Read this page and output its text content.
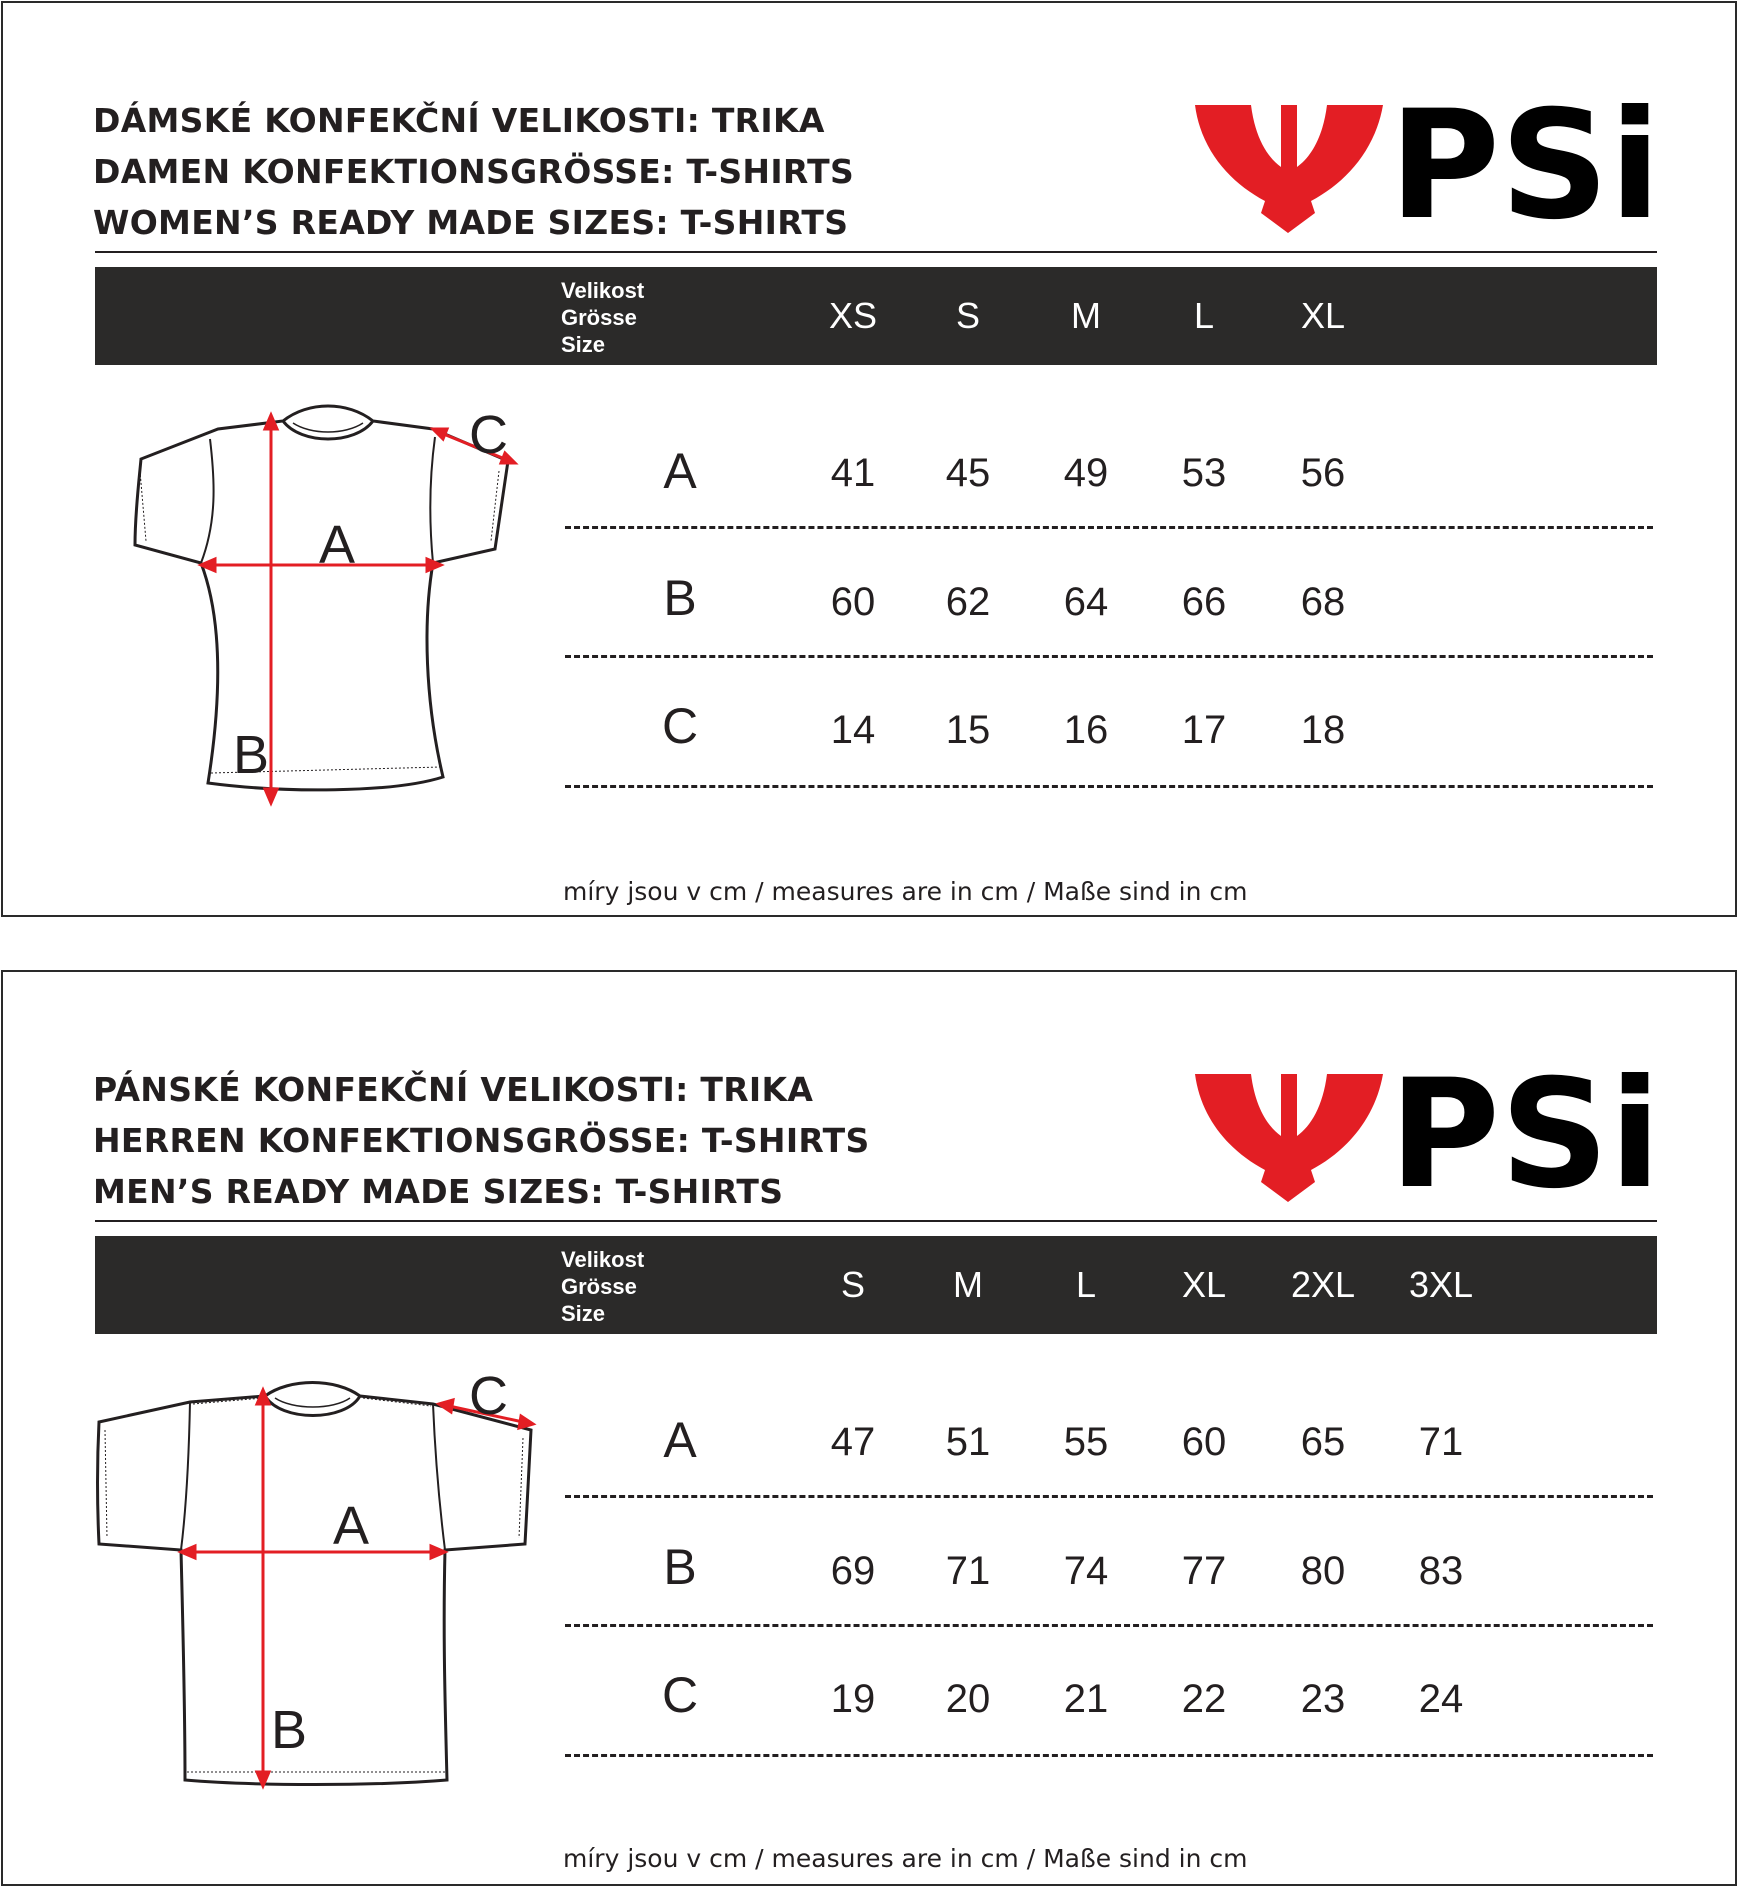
DÁMSKÉ KONFEKČNÍ VELIKOSTI: TRIKA
DAMEN KONFEKTIONSGRÖSSE: T-SHIRTS
WOMEN’S READY MADE SIZES: T-SHIRTS	PSi
Velikost
Grösse
Size
XS	S	M	L	XL
A
B
C
A	41	45	49	53	56
B	60	62	64	66	68
C	14	15	16	17	18
míry jsou v cm / measures are in cm / Maße sind in cm
PÁNSKÉ KONFEKČNÍ VELIKOSTI: TRIKA
HERREN KONFEKTIONSGRÖSSE: T-SHIRTS
MEN’S READY MADE SIZES: T-SHIRTS	PSi
Velikost
Grösse
Size
S	M	L	XL	2XL	3XL
A
B
C
A	47	51	55	60	65	71
B	69	71	74	77	80	83
C	19	20	21	22	23	24
míry jsou v cm / measures are in cm / Maße sind in cm
